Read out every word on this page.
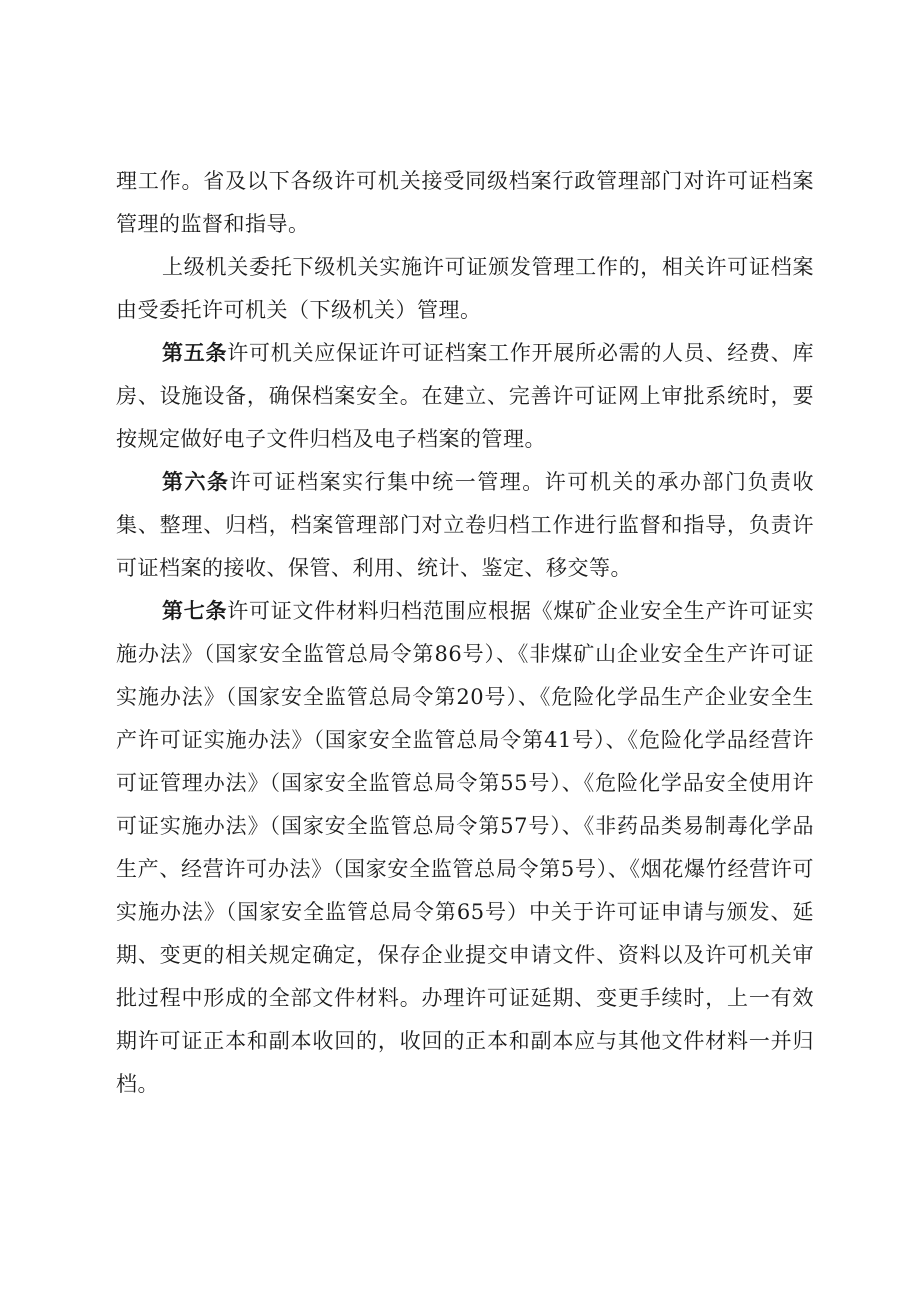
理工作。省及以下各级许可机关接受同级档案行政管理部门对许可证档案管理的监督和指导。

上级机关委托下级机关实施许可证颁发管理工作的，相关许可证档案由受委托许可机关（下级机关）管理。

第五条许可机关应保证许可证档案工作开展所必需的人员、经费、库房、设施设备，确保档案安全。在建立、完善许可证网上审批系统时，要按规定做好电子文件归档及电子档案的管理。

第六条许可证档案实行集中统一管理。许可机关的承办部门负责收集、整理、归档，档案管理部门对立卷归档工作进行监督和指导，负责许可证档案的接收、保管、利用、统计、鉴定、移交等。

第七条许可证文件材料归档范围应根据《煤矿企业安全生产许可证实施办法》（国家安全监管总局令第86号）、《非煤矿山企业安全生产许可证实施办法》（国家安全监管总局令第20号）、《危险化学品生产企业安全生产许可证实施办法》（国家安全监管总局令第41号）、《危险化学品经营许可证管理办法》（国家安全监管总局令第55号）、《危险化学品安全使用许可证实施办法》（国家安全监管总局令第57号）、《非药品类易制毒化学品生产、经营许可办法》（国家安全监管总局令第5号）、《烟花爆竹经营许可实施办法》（国家安全监管总局令第65号）中关于许可证申请与颁发、延期、变更的相关规定确定，保存企业提交申请文件、资料以及许可机关审批过程中形成的全部文件材料。办理许可证延期、变更手续时，上一有效期许可证正本和副本收回的，收回的正本和副本应与其他文件材料一并归档。
